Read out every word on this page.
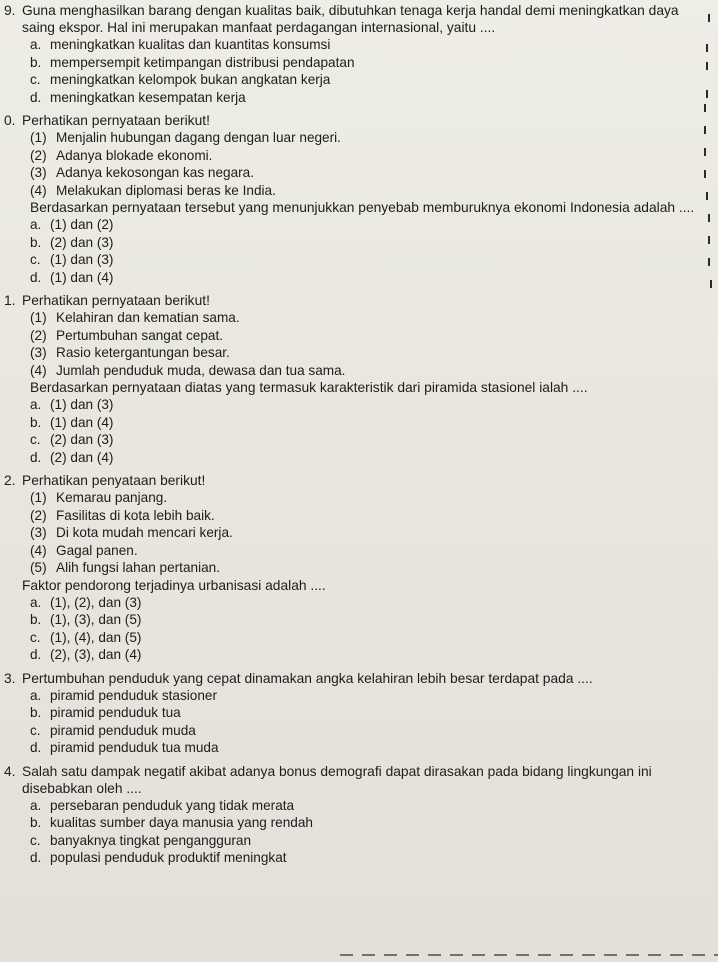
9. Guna menghasilkan barang dengan kualitas baik, dibutuhkan tenaga kerja handal demi meningkatkan daya saing ekspor. Hal ini merupakan manfaat perdagangan internasional, yaitu ....
a. meningkatkan kualitas dan kuantitas konsumsi
b. mempersempit ketimpangan distribusi pendapatan
c. meningkatkan kelompok bukan angkatan kerja
d. meningkatkan kesempatan kerja
0. Perhatikan pernyataan berikut!
(1) Menjalin hubungan dagang dengan luar negeri.
(2) Adanya blokade ekonomi.
(3) Adanya kekosongan kas negara.
(4) Melakukan diplomasi beras ke India.
Berdasarkan pernyataan tersebut yang menunjukkan penyebab memburuknya ekonomi Indonesia adalah ....
a. (1) dan (2)
b. (2) dan (3)
c. (1) dan (3)
d. (1) dan (4)
1. Perhatikan pernyataan berikut!
(1) Kelahiran dan kematian sama.
(2) Pertumbuhan sangat cepat.
(3) Rasio ketergantungan besar.
(4) Jumlah penduduk muda, dewasa dan tua sama.
Berdasarkan pernyataan diatas yang termasuk karakteristik dari piramida stasionel ialah ....
a. (1) dan (3)
b. (1) dan (4)
c. (2) dan (3)
d. (2) dan (4)
2. Perhatikan penyataan berikut!
(1) Kemarau panjang.
(2) Fasilitas di kota lebih baik.
(3) Di kota mudah mencari kerja.
(4) Gagal panen.
(5) Alih fungsi lahan pertanian.
Faktor pendorong terjadinya urbanisasi adalah ....
a. (1), (2), dan (3)
b. (1), (3), dan (5)
c. (1), (4), dan (5)
d. (2), (3), dan (4)
3. Pertumbuhan penduduk yang cepat dinamakan angka kelahiran lebih besar terdapat pada ....
a. piramid penduduk stasioner
b. piramid penduduk tua
c. piramid penduduk muda
d. piramid penduduk tua muda
4. Salah satu dampak negatif akibat adanya bonus demografi dapat dirasakan pada bidang lingkungan ini disebabkan oleh ....
a. persebaran penduduk yang tidak merata
b. kualitas sumber daya manusia yang rendah
c. banyaknya tingkat pengangguran
d. populasi penduduk produktif meningkat
